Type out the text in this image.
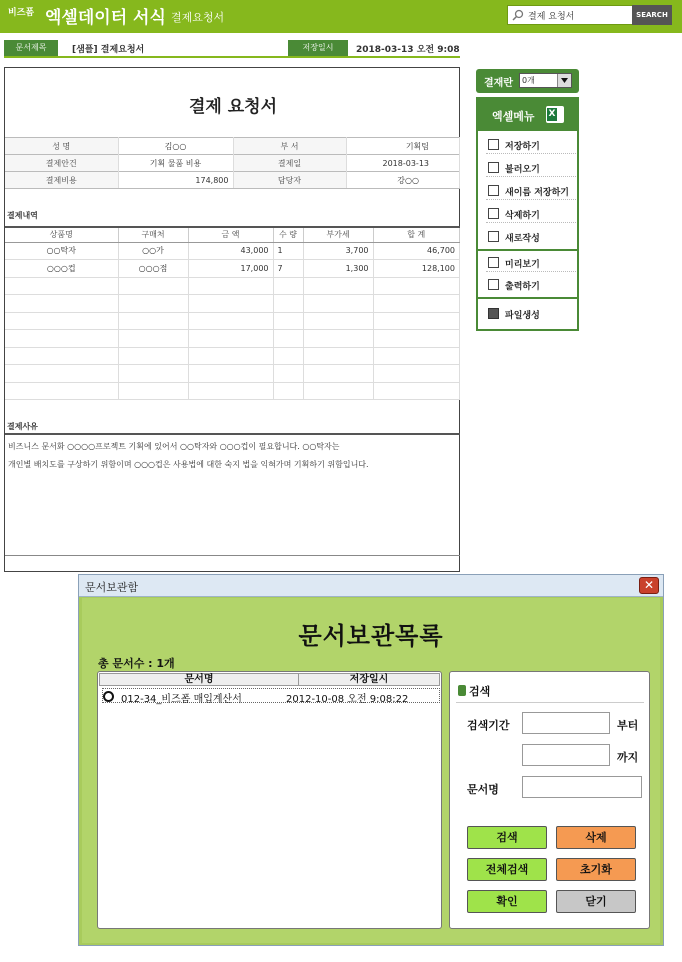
비즈폼 엑셀데이터 서식 결제요청서
결제 요청서	SEARCH
문서제목	[샘플] 결제요청서	저장일시	2018-03-13 오전 9:08
결제 요청서
성 명	김○○	부 서	기획팀
결제안건	기획 물품 비용	결제일	2018-03-13
결제비용	174,800	담당자	강○○
결제내역
상품명	구매처	금 액	수 량	부가세	합 계
○○탁자	○○가	43,000	1	3,700	46,700
○○○컵	○○○점	17,000	7	1,300	128,100

결제사유
비즈니스 문서화 ○○○○프로젝트 기획에 있어서 ○○탁자와 ○○○컵이 필요합니다. ○○탁자는
개인별 배치도를 구상하기 위함이며 ○○○컵은 사용법에 대한 숙지 법을 익혀가며 기획하기 위함입니다.
결재란	0개
엑셀메뉴 X
저장하기
불러오기
새이름 저장하기
삭제하기
새로작성
미리보기
출력하기
파일생성
문서보관함	✕
문서보관목록
총 문서수 : 1개
문서명	저장일시
012-34_비즈폼 매입계산서	2012-10-08 오전 9:08:22
검색
검색기간	부터
까지
문서명
검색	삭제
전체검색	초기화
확인	닫기
